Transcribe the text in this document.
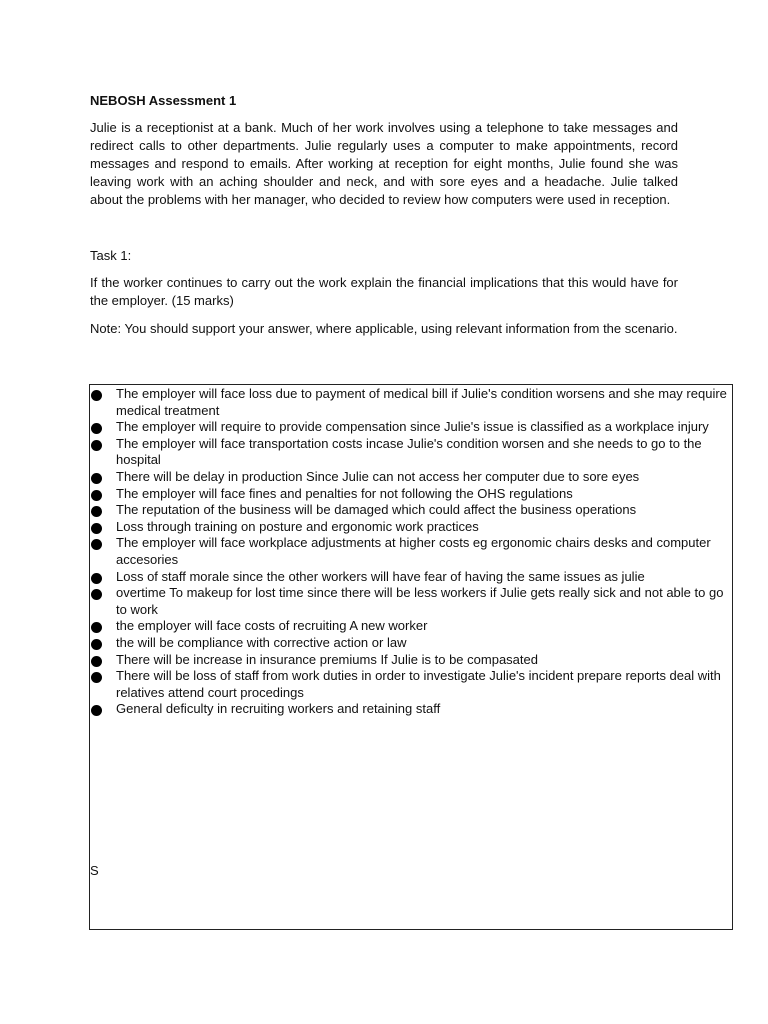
NEBOSH Assessment 1

Julie is a receptionist at a bank. Much of her work involves using a telephone to take messages and redirect calls to other departments. Julie regularly uses a computer to make appointments, record messages and respond to emails. After working at reception for eight months, Julie found she was leaving work with an aching shoulder and neck, and with sore eyes and a headache. Julie talked about the problems with her manager, who decided to review how computers were used in reception.

Task 1:

If the worker continues to carry out the work explain the financial implications that this would have for the employer. (15 marks)

Note: You should support your answer, where applicable, using relevant information from the scenario.

The employer will face loss due to payment of medical bill if Julie's condition worsens and she may require medical treatment
The employer will require to provide compensation since Julie's issue is classified as a workplace injury
The employer will face transportation costs incase Julie's condition worsen and she needs to go to the hospital
There will be delay in production Since Julie can not access her computer due to sore eyes
The employer will face fines and penalties for not following the OHS regulations
The reputation of the business will be damaged which could affect the business operations
Loss through training on posture and ergonomic work practices
The employer will face workplace adjustments at higher costs eg ergonomic chairs desks and computer accesories
Loss of staff morale since the other workers will have fear of having the same issues as julie
overtime To makeup for lost time since there will be less workers if Julie gets really sick and not able to go to work
the employer will face costs of recruiting A new worker
the will be compliance with corrective action or law
There will be increase in insurance premiums If Julie is to be compasated
There will be loss of staff from work duties in order to investigate Julie's incident prepare reports deal with relatives attend court procedings
General deficulty in recruiting workers and retaining staff
S
